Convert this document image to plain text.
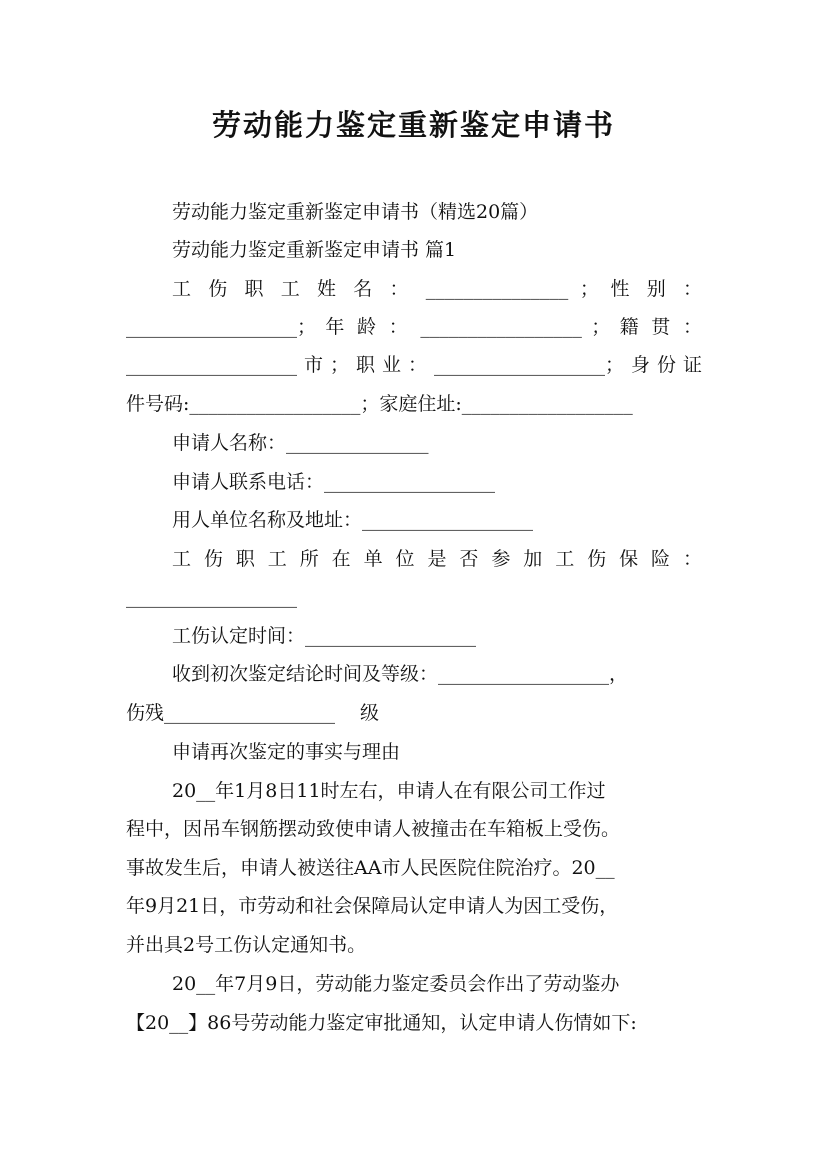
劳动能力鉴定重新鉴定申请书
劳动能力鉴定重新鉴定申请书（精选20篇）
劳动能力鉴定重新鉴定申请书 篇1
工 伤 职 工 姓 名 ： _______________ ； 性 别 ：
__________________； 年 龄 ： _________________ ； 籍 贯 ：
__________________市；职业：__________________；身份证
件号码:__________________；家庭住址:__________________
申请人名称：_______________
申请人联系电话：__________________
用人单位名称及地址：__________________
工 伤 职 工 所 在 单 位 是 否 参 加 工 伤 保 险 ：
__________________
工伤认定时间：__________________
收到初次鉴定结论时间及等级：__________________，
伤残__________________　 级
申请再次鉴定的事实与理由
20__年1月8日11时左右，申请人在有限公司工作过
程中，因吊车钢筋摆动致使申请人被撞击在车箱板上受伤。
事故发生后，申请人被送往AA市人民医院住院治疗。20__
年9月21日，市劳动和社会保障局认定申请人为因工受伤，
并出具2号工伤认定通知书。
20__年7月9日，劳动能力鉴定委员会作出了劳动鉴办
【20__】86号劳动能力鉴定审批通知，认定申请人伤情如下:
